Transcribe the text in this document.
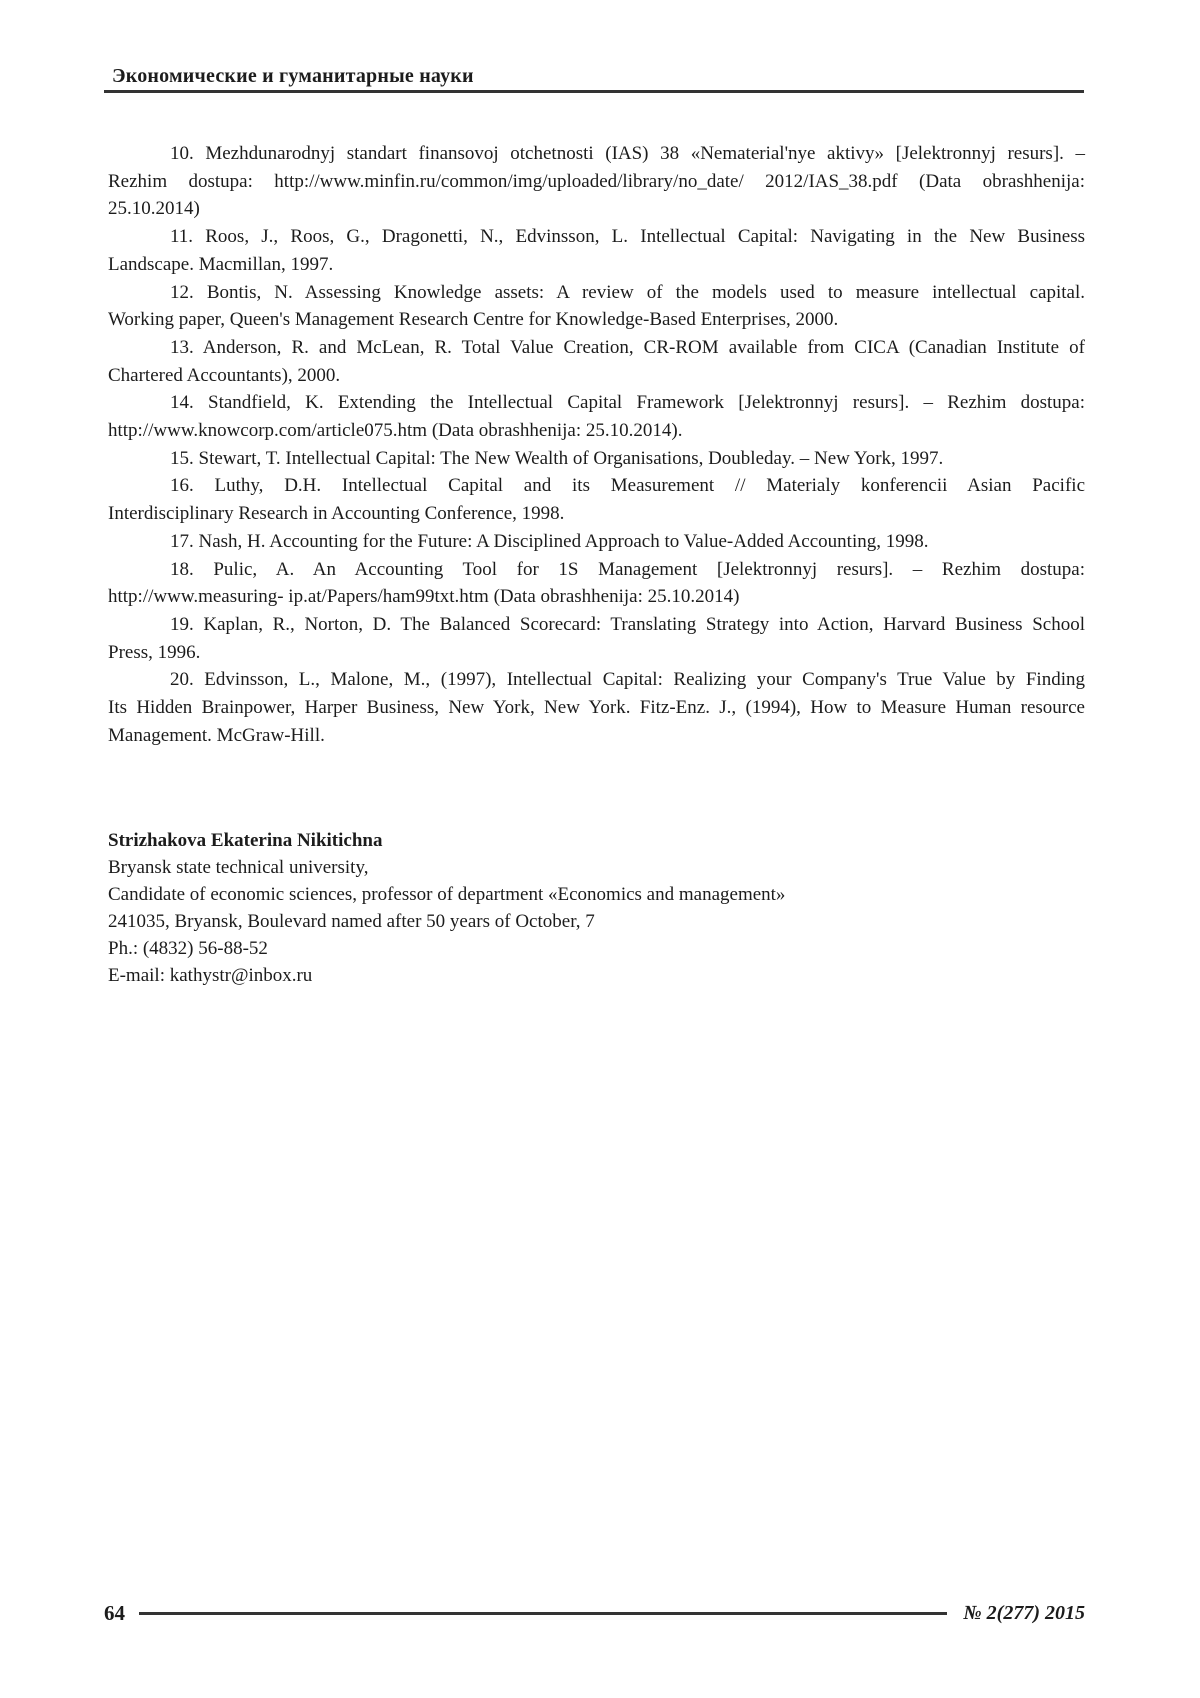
Экономические и гуманитарные науки
10. Mezhdunarodnyj standart finansovoj otchetnosti (IAS) 38 «Nematerial'nye aktivy» [Jelektronnyj resurs]. –
Rezhim dostupa: http://www.minfin.ru/common/img/uploaded/library/no_date/ 2012/IAS_38.pdf (Data obrashhenija:
25.10.2014)
11. Roos, J., Roos, G., Dragonetti, N., Edvinsson, L. Intellectual Capital: Navigating in the New Business
Landscape. Macmillan, 1997.
12. Bontis, N. Assessing Knowledge assets: A review of the models used to measure intellectual capital.
Working paper, Queen's Management Research Centre for Knowledge-Based Enterprises, 2000.
13. Anderson, R. and McLean, R. Total Value Creation, CR-ROM available from CICA (Canadian Institute of
Chartered Accountants), 2000.
14. Standfield, K. Extending the Intellectual Capital Framework [Jelektronnyj resurs]. – Rezhim dostupa:
http://www.knowcorp.com/article075.htm (Data obrashhenija: 25.10.2014).
15. Stewart, T. Intellectual Capital: The New Wealth of Organisations, Doubleday. – New York, 1997.
16. Luthy, D.H. Intellectual Capital and its Measurement // Materialy konferencii Asian Pacific
Interdisciplinary Research in Accounting Conference, 1998.
17. Nash, H. Accounting for the Future: A Disciplined Approach to Value-Added Accounting, 1998.
18. Pulic, A. An Accounting Tool for 1S Management [Jelektronnyj resurs]. – Rezhim dostupa:
http://www.measuring- ip.at/Papers/ham99txt.htm (Data obrashhenija: 25.10.2014)
19. Kaplan, R., Norton, D. The Balanced Scorecard: Translating Strategy into Action, Harvard Business School
Press, 1996.
20. Edvinsson, L., Malone, M., (1997), Intellectual Capital: Realizing your Company's True Value by Finding
Its Hidden Brainpower, Harper Business, New York, New York. Fitz-Enz. J., (1994), How to Measure Human resource
Management. McGraw-Hill.
Strizhakova Ekaterina Nikitichna
Bryansk state technical university,
Candidate of economic sciences, professor of department «Economics and management»
241035, Bryansk, Boulevard named after 50 years of October, 7
Ph.: (4832) 56-88-52
E-mail: kathystr@inbox.ru
64	№ 2(277) 2015
